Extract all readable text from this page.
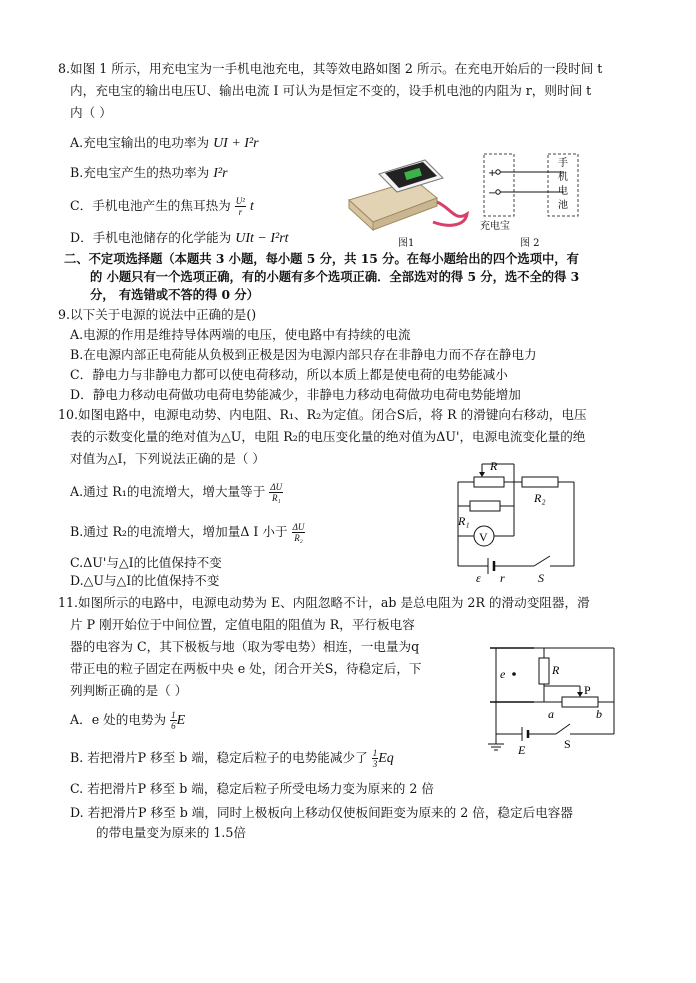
8.如图 1 所示，用充电宝为一手机电池充电，其等效电路如图 2 所示。在充电开始后的一段时间 t
内，充电宝的输出电压U、输出电流 I 可认为是恒定不变的，设手机电池的内阻为 r，则时间 t
内（ ）
A.充电宝输出的电功率为 UI + I²r
B.充电宝产生的热功率为 I²r
C．手机电池产生的焦耳热为 $\frac{\text{U²}}{r}$ t
D．手机电池储存的化学能为 UIt − I²rt
+
−
充电宝
手
机
电
池
图1	图 2
二、不定项选择题（本题共 3 小题，每小题 5 分，共 15 分。在每小题给出的四个选项中，有
的 小题只有一个选项正确，有的小题有多个选项正确．全部选对的得 5 分，选不全的得 3
分， 有选错或不答的得 0 分）
9.以下关于电源的说法中正确的是()
A.电源的作用是维持导体两端的电压，使电路中有持续的电流
B.在电源内部正电荷能从负极到正极是因为电源内部只存在非静电力而不存在静电力
C．静电力与非静电力都可以使电荷移动，所以本质上都是使电荷的电势能减小
D．静电力移动电荷做功电荷电势能减少，非静电力移动电荷做功电荷电势能增加
10.如图电路中，电源电动势、内电阻、R₁、R₂为定值。闭合S后，将 R 的滑键向右移动，电压
表的示数变化量的绝对值为△U，电阻 R₂的电压变化量的绝对值为ΔU'，电源电流变化量的绝
对值为△I，下列说法正确的是（ ）
A.通过 R₁的电流增大，增大量等于 $\frac{\Delta U}{\text{R₁}}$
B.通过 R₂的电流增大，增加量Δ I 小于 $\frac{\Delta U}{\text{R₂}}$
C.ΔU'与△I的比值保持不变
D.△U与△I的比值保持不变
R
R₂
R₁
V
ε r	S
11.如图所示的电路中，电源电动势为 E、内阻忽略不计，ab 是总电阻为 2R 的滑动变阻器，滑
片 P 刚开始位于中间位置，定值电阻的阻值为 R，平行板电容
器的电容为 C，其下极板与地（取为零电势）相连，一电量为q
带正电的粒子固定在两板中央 e 处，闭合开关S，待稳定后，下
列判断正确的是（ ）
A．e 处的电势为 $\frac{1}{6}$ E
B. 若把滑片P 移至 b 端，稳定后粒子的电势能减少了 $\frac{1}{3}$ Eq
C. 若把滑片P 移至 b 端，稳定后粒子所受电场力变为原来的 2 倍
D. 若把滑片P 移至 b 端，同时上极板向上移动仅使板间距变为原来的 2 倍，稳定后电容器
的带电量变为原来的 1.5倍
e	R
a	b
P
E	S
